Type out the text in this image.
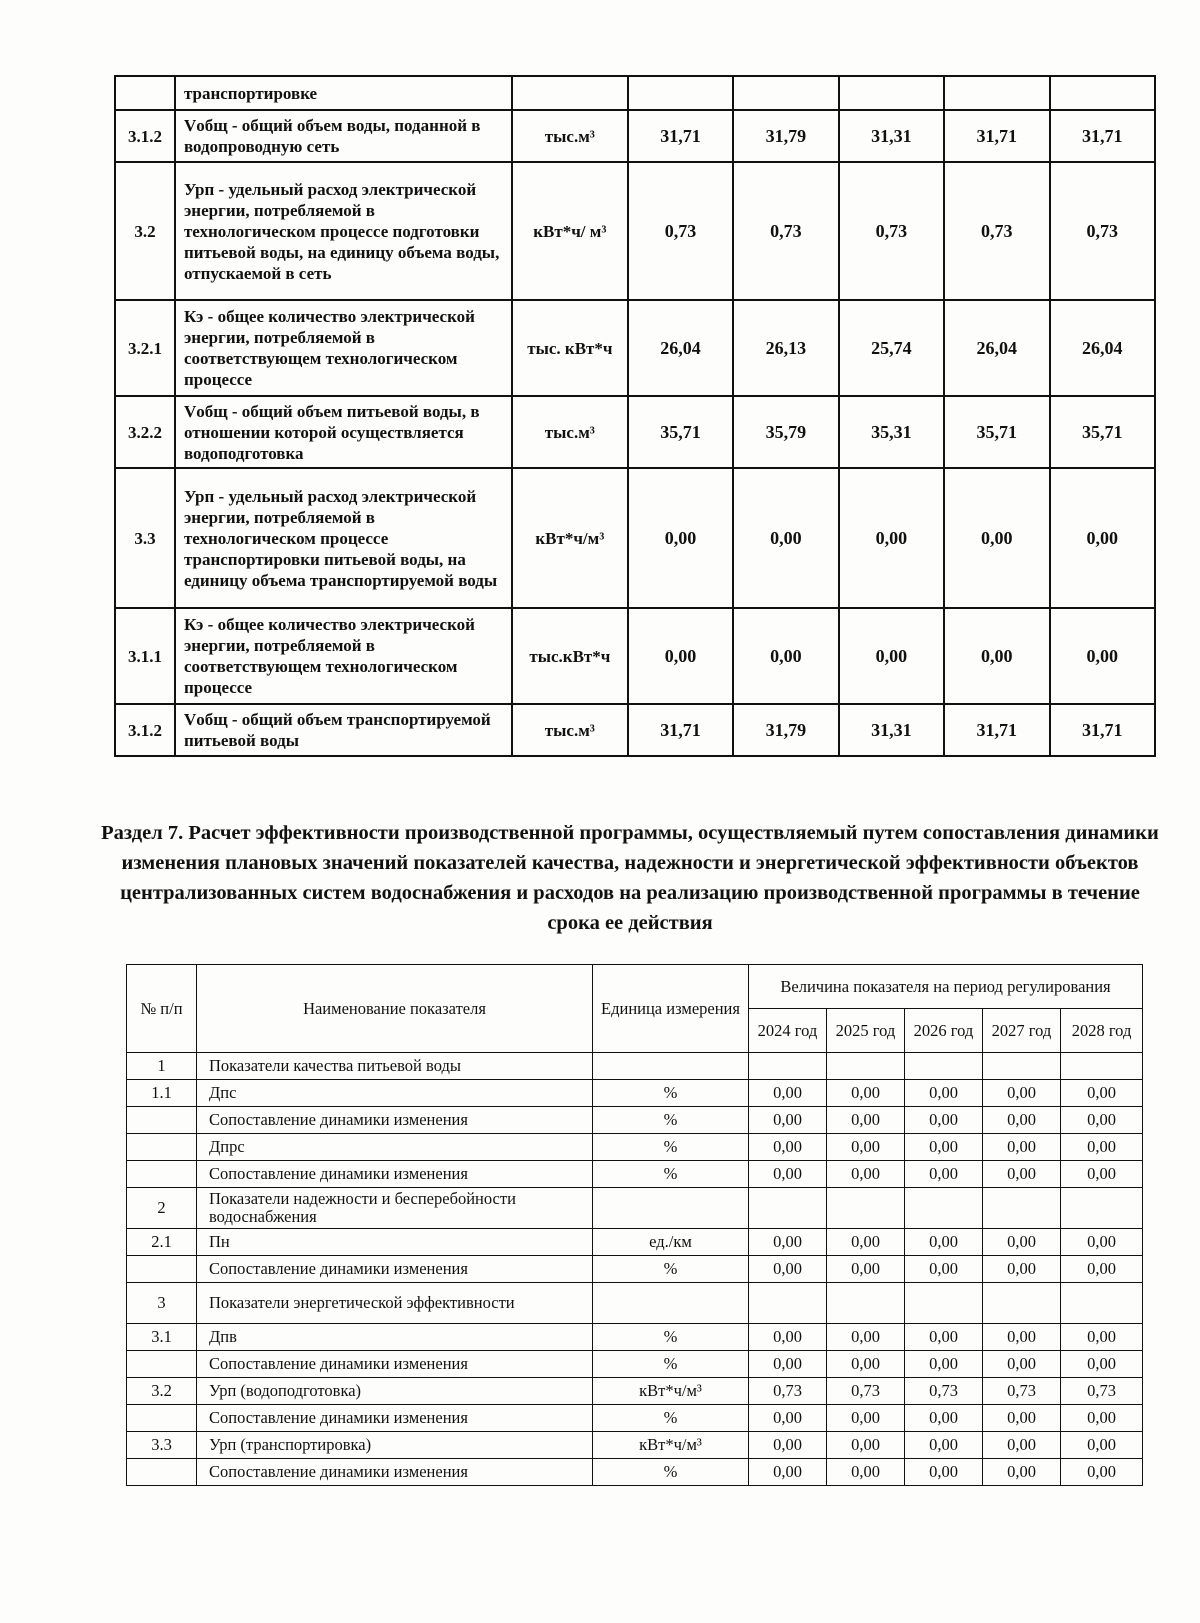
	транспортировке						
3.1.2	Vобщ - общий объем воды, поданной в водопроводную сеть	тыс.м³	31,71	31,79	31,31	31,71	31,71
3.2	Урп - удельный расход электрической энергии, потребляемой в технологическом процессе подготовки питьевой воды, на единицу объема воды, отпускаемой в сеть	кВт*ч/ м³	0,73	0,73	0,73	0,73	0,73
3.2.1	Кэ - общее количество электрической энергии, потребляемой в соответствующем технологическом процессе	тыс. кВт*ч	26,04	26,13	25,74	26,04	26,04
3.2.2	Vобщ - общий объем питьевой воды, в отношении которой осуществляется водоподготовка	тыс.м³	35,71	35,79	35,31	35,71	35,71
3.3	Урп - удельный расход электрической энергии, потребляемой в технологическом процессе транспортировки питьевой воды, на единицу объема транспортируемой воды	кВт*ч/м³	0,00	0,00	0,00	0,00	0,00
3.1.1	Кэ - общее количество электрической энергии, потребляемой в соответствующем технологическом процессе	тыс.кВт*ч	0,00	0,00	0,00	0,00	0,00
3.1.2	Vобщ - общий объем транспортируемой питьевой воды	тыс.м³	31,71	31,79	31,31	31,71	31,71
Раздел 7. Расчет эффективности производственной программы, осуществляемый путем сопоставления динамики изменения плановых значений показателей качества, надежности и энергетической эффективности объектов централизованных систем водоснабжения и расходов на реализацию производственной программы в течение срока ее действия
№ п/п	Наименование показателя	Единица измерения	Величина показателя на период регулирования				
			2024 год	2025 год	2026 год	2027 год	2028 год
1	Показатели качества питьевой воды						
1.1	Дпс	%	0,00	0,00	0,00	0,00	0,00
	Сопоставление динамики изменения	%	0,00	0,00	0,00	0,00	0,00
	Дпрс	%	0,00	0,00	0,00	0,00	0,00
	Сопоставление динамики изменения	%	0,00	0,00	0,00	0,00	0,00
2	Показатели надежности и бесперебойности водоснабжения						
2.1	Пн	ед./км	0,00	0,00	0,00	0,00	0,00
	Сопоставление динамики изменения	%	0,00	0,00	0,00	0,00	0,00
3	Показатели энергетической эффективности						
3.1	Дпв	%	0,00	0,00	0,00	0,00	0,00
	Сопоставление динамики изменения	%	0,00	0,00	0,00	0,00	0,00
3.2	Урп (водоподготовка)	кВт*ч/м³	0,73	0,73	0,73	0,73	0,73
	Сопоставление динамики изменения	%	0,00	0,00	0,00	0,00	0,00
3.3	Урп (транспортировка)	кВт*ч/м³	0,00	0,00	0,00	0,00	0,00
	Сопоставление динамики изменения	%	0,00	0,00	0,00	0,00	0,00
